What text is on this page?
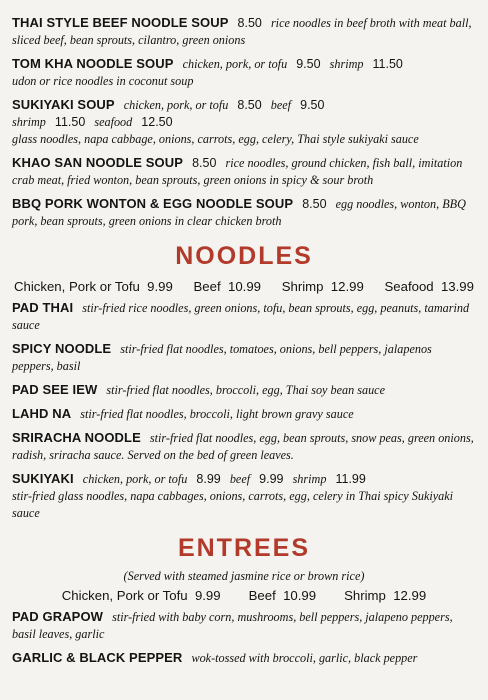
THAI STYLE BEEF NOODLE SOUP 8.50 rice noodles in beef broth with meat ball, sliced beef, bean sprouts, cilantro, green onions
TOM KHA NOODLE SOUP chicken, pork, or tofu 9.50 shrimp 11.50
udon or rice noodles in coconut soup
SUKIYAKI SOUP chicken, pork, or tofu 8.50 beef 9.50
shrimp 11.50 seafood 12.50
glass noodles, napa cabbage, onions, carrots, egg, celery, Thai style sukiyaki sauce
KHAO SAN NOODLE SOUP 8.50 rice noodles, ground chicken, fish ball, imitation crab meat, fried wonton, bean sprouts, green onions in spicy & sour broth
BBQ PORK WONTON & EGG NOODLE SOUP 8.50 egg noodles, wonton, BBQ pork, bean sprouts, green onions in clear chicken broth
NOODLES
Chicken, Pork or Tofu 9.99 Beef 10.99 Shrimp 12.99 Seafood 13.99
PAD THAI stir-fried rice noodles, green onions, tofu, bean sprouts, egg, peanuts, tamarind sauce
SPICY NOODLE stir-fried flat noodles, tomatoes, onions, bell peppers, jalapenos peppers, basil
PAD SEE IEW stir-fried flat noodles, broccoli, egg, Thai soy bean sauce
LAHD NA stir-fried flat noodles, broccoli, light brown gravy sauce
SRIRACHA NOODLE stir-fried flat noodles, egg, bean sprouts, snow peas, green onions, radish, sriracha sauce. Served on the bed of green leaves.
SUKIYAKI chicken, pork, or tofu 8.99 beef 9.99 shrimp 11.99
stir-fried glass noodles, napa cabbages, onions, carrots, egg, celery in Thai spicy Sukiyaki sauce
ENTREES
(Served with steamed jasmine rice or brown rice)
Chicken, Pork or Tofu 9.99 Beef 10.99 Shrimp 12.99
PAD GRAPOW stir-fried with baby corn, mushrooms, bell peppers, jalapeno peppers, basil leaves, garlic
GARLIC & BLACK PEPPER wok-tossed with broccoli, garlic, black pepper
